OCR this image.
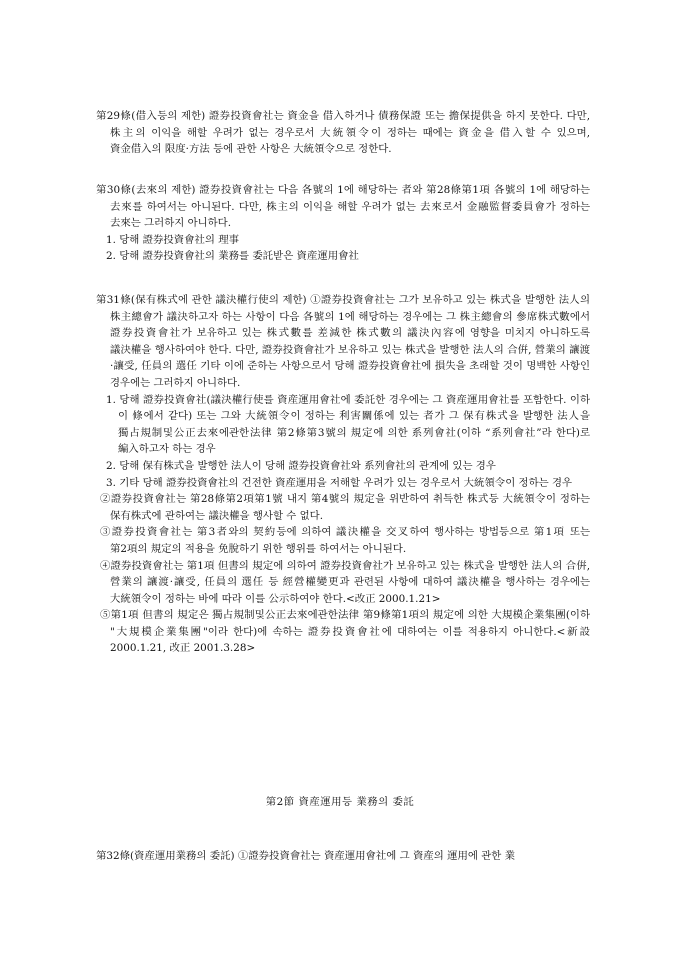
第29條(借入등의 제한) 證券投資會社는 資金을 借入하거나 債務保證 또는 擔保提供을 하지 못한다. 다만, 株主의 이익을 해할 우려가 없는 경우로서 大統領令이 정하는 때에는 資金을 借入할 수 있으며, 資金借入의 限度·方法 등에 관한 사항은 大統領令으로 정한다.

第30條(去來의 제한) 證券投資會社는 다음 各號의 1에 해당하는 者와 第28條第1項 各號의 1에 해당하는 去來를 하여서는 아니된다. 다만, 株主의 이익을 해할 우려가 없는 去來로서 金融監督委員會가 정하는 去來는 그러하지 아니하다.

1. 당해 證券投資會社의 理事

2. 당해 證券投資會社의 業務를 委託받은 資産運用會社

第31條(保有株式에 관한 議決權行使의 제한) ①證券投資會社는 그가 보유하고 있는 株式을 발행한 法人의 株主總會가 議決하고자 하는 사항이 다음 各號의 1에 해당하는 경우에는 그 株主總會의 參席株式數에서 證券投資會社가 보유하고 있는 株式數를 差減한 株式數의 議決內容에 영향을 미치지 아니하도록 議決權을 행사하여야 한다. 다만, 證券投資會社가 보유하고 있는 株式을 발행한 法人의 合倂, 營業의 讓渡·讓受, 任員의 選任 기타 이에 준하는 사항으로서 당해 證券投資會社에 損失을 초래할 것이 명백한 사항인 경우에는 그러하지 아니하다.

1. 당해 證券投資會社(議決權行使를 資産運用會社에 委託한 경우에는 그 資産運用會社를 포함한다. 이하 이 條에서 같다) 또는 그와 大統領令이 정하는 利害關係에 있는 者가 그 保有株式을 발행한 法人을 獨占規制및公正去來에관한法律 第2條第3號의 規定에 의한 系列會社(이하 “系列會社”라 한다)로 編入하고자 하는 경우

2. 당해 保有株式을 발행한 法人이 당해 證券投資會社와 系列會社의 관계에 있는 경우

3. 기타 당해 證券投資會社의 건전한 資産運用을 저해할 우려가 있는 경우로서 大統領令이 정하는 경우

②證券投資會社는 第28條第2項第1號 내지 第4號의 規定을 위반하여 취득한 株式등 大統領令이 정하는 保有株式에 관하여는 議決權을 행사할 수 없다.

③證券投資會社는 第3者와의 契約등에 의하여 議決權을 交叉하여 행사하는 방법등으로 第1項 또는 第2項의 規定의 적용을 免脫하기 위한 행위를 하여서는 아니된다.

④證券投資會社는 第1項 但書의 規定에 의하여 證券投資會社가 보유하고 있는 株式을 발행한 法人의 合倂, 營業의 讓渡·讓受, 任員의 選任 등 經營權變更과 관련된 사항에 대하여 議決權을 행사하는 경우에는 大統領令이 정하는 바에 따라 이를 公示하여야 한다.<改正 2000.1.21>

⑤第1項 但書의 規定은 獨占規制및公正去來에관한法律 第9條第1項의 規定에 의한 大規模企業集團(이하 "大規模企業集團"이라 한다)에 속하는 證券投資會社에 대하여는 이를 적용하지 아니한다.<新設 2000.1.21, 改正 2001.3.28>

第2節 資産運用등 業務의 委託

第32條(資産運用業務의 委託) ①證券投資會社는 資産運用會社에 그 資産의 運用에 관한 業
